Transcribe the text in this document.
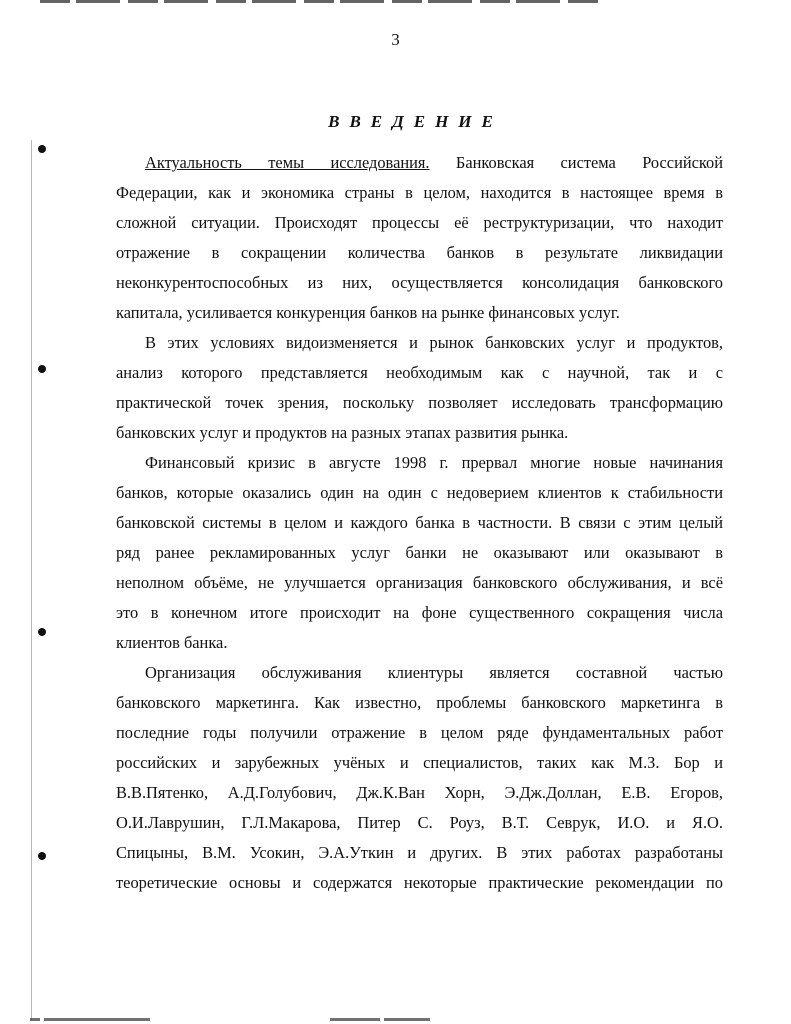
3
ВВЕДЕНИЕ
Актуальность темы исследования. Банковская система Российской
Федерации, как и экономика страны в целом, находится в настоящее время в
сложной ситуации. Происходят процессы её реструктуризации, что находит
отражение в сокращении количества банков в результате ликвидации
неконкурентоспособных из них, осуществляется консолидация банковского
капитала, усиливается конкуренция банков на рынке финансовых услуг.
В этих условиях видоизменяется и рынок банковских услуг и продуктов,
анализ которого представляется необходимым как с научной, так и с
практической точек зрения, поскольку позволяет исследовать трансформацию
банковских услуг и продуктов на разных этапах развития рынка.
Финансовый кризис в августе 1998 г. прервал многие новые начинания
банков, которые оказались один на один с недоверием клиентов к стабильности
банковской системы в целом и каждого банка в частности. В связи с этим целый
ряд ранее рекламированных услуг банки не оказывают или оказывают в
неполном объёме, не улучшается организация банковского обслуживания, и всё
это в конечном итоге происходит на фоне существенного сокращения числа
клиентов банка.
Организация обслуживания клиентуры является составной частью
банковского маркетинга. Как известно, проблемы банковского маркетинга в
последние годы получили отражение в целом ряде фундаментальных работ
российских и зарубежных учёных и специалистов, таких как М.З. Бор и
В.В.Пятенко, А.Д.Голубович, Дж.К.Ван Хорн, Э.Дж.Доллан, Е.В. Егоров,
О.И.Лаврушин, Г.Л.Макарова, Питер С. Роуз, В.Т. Севрук, И.О. и Я.О.
Спицыны, В.М. Усокин, Э.А.Уткин и других. В этих работах разработаны
теоретические основы и содержатся некоторые практические рекомендации по
